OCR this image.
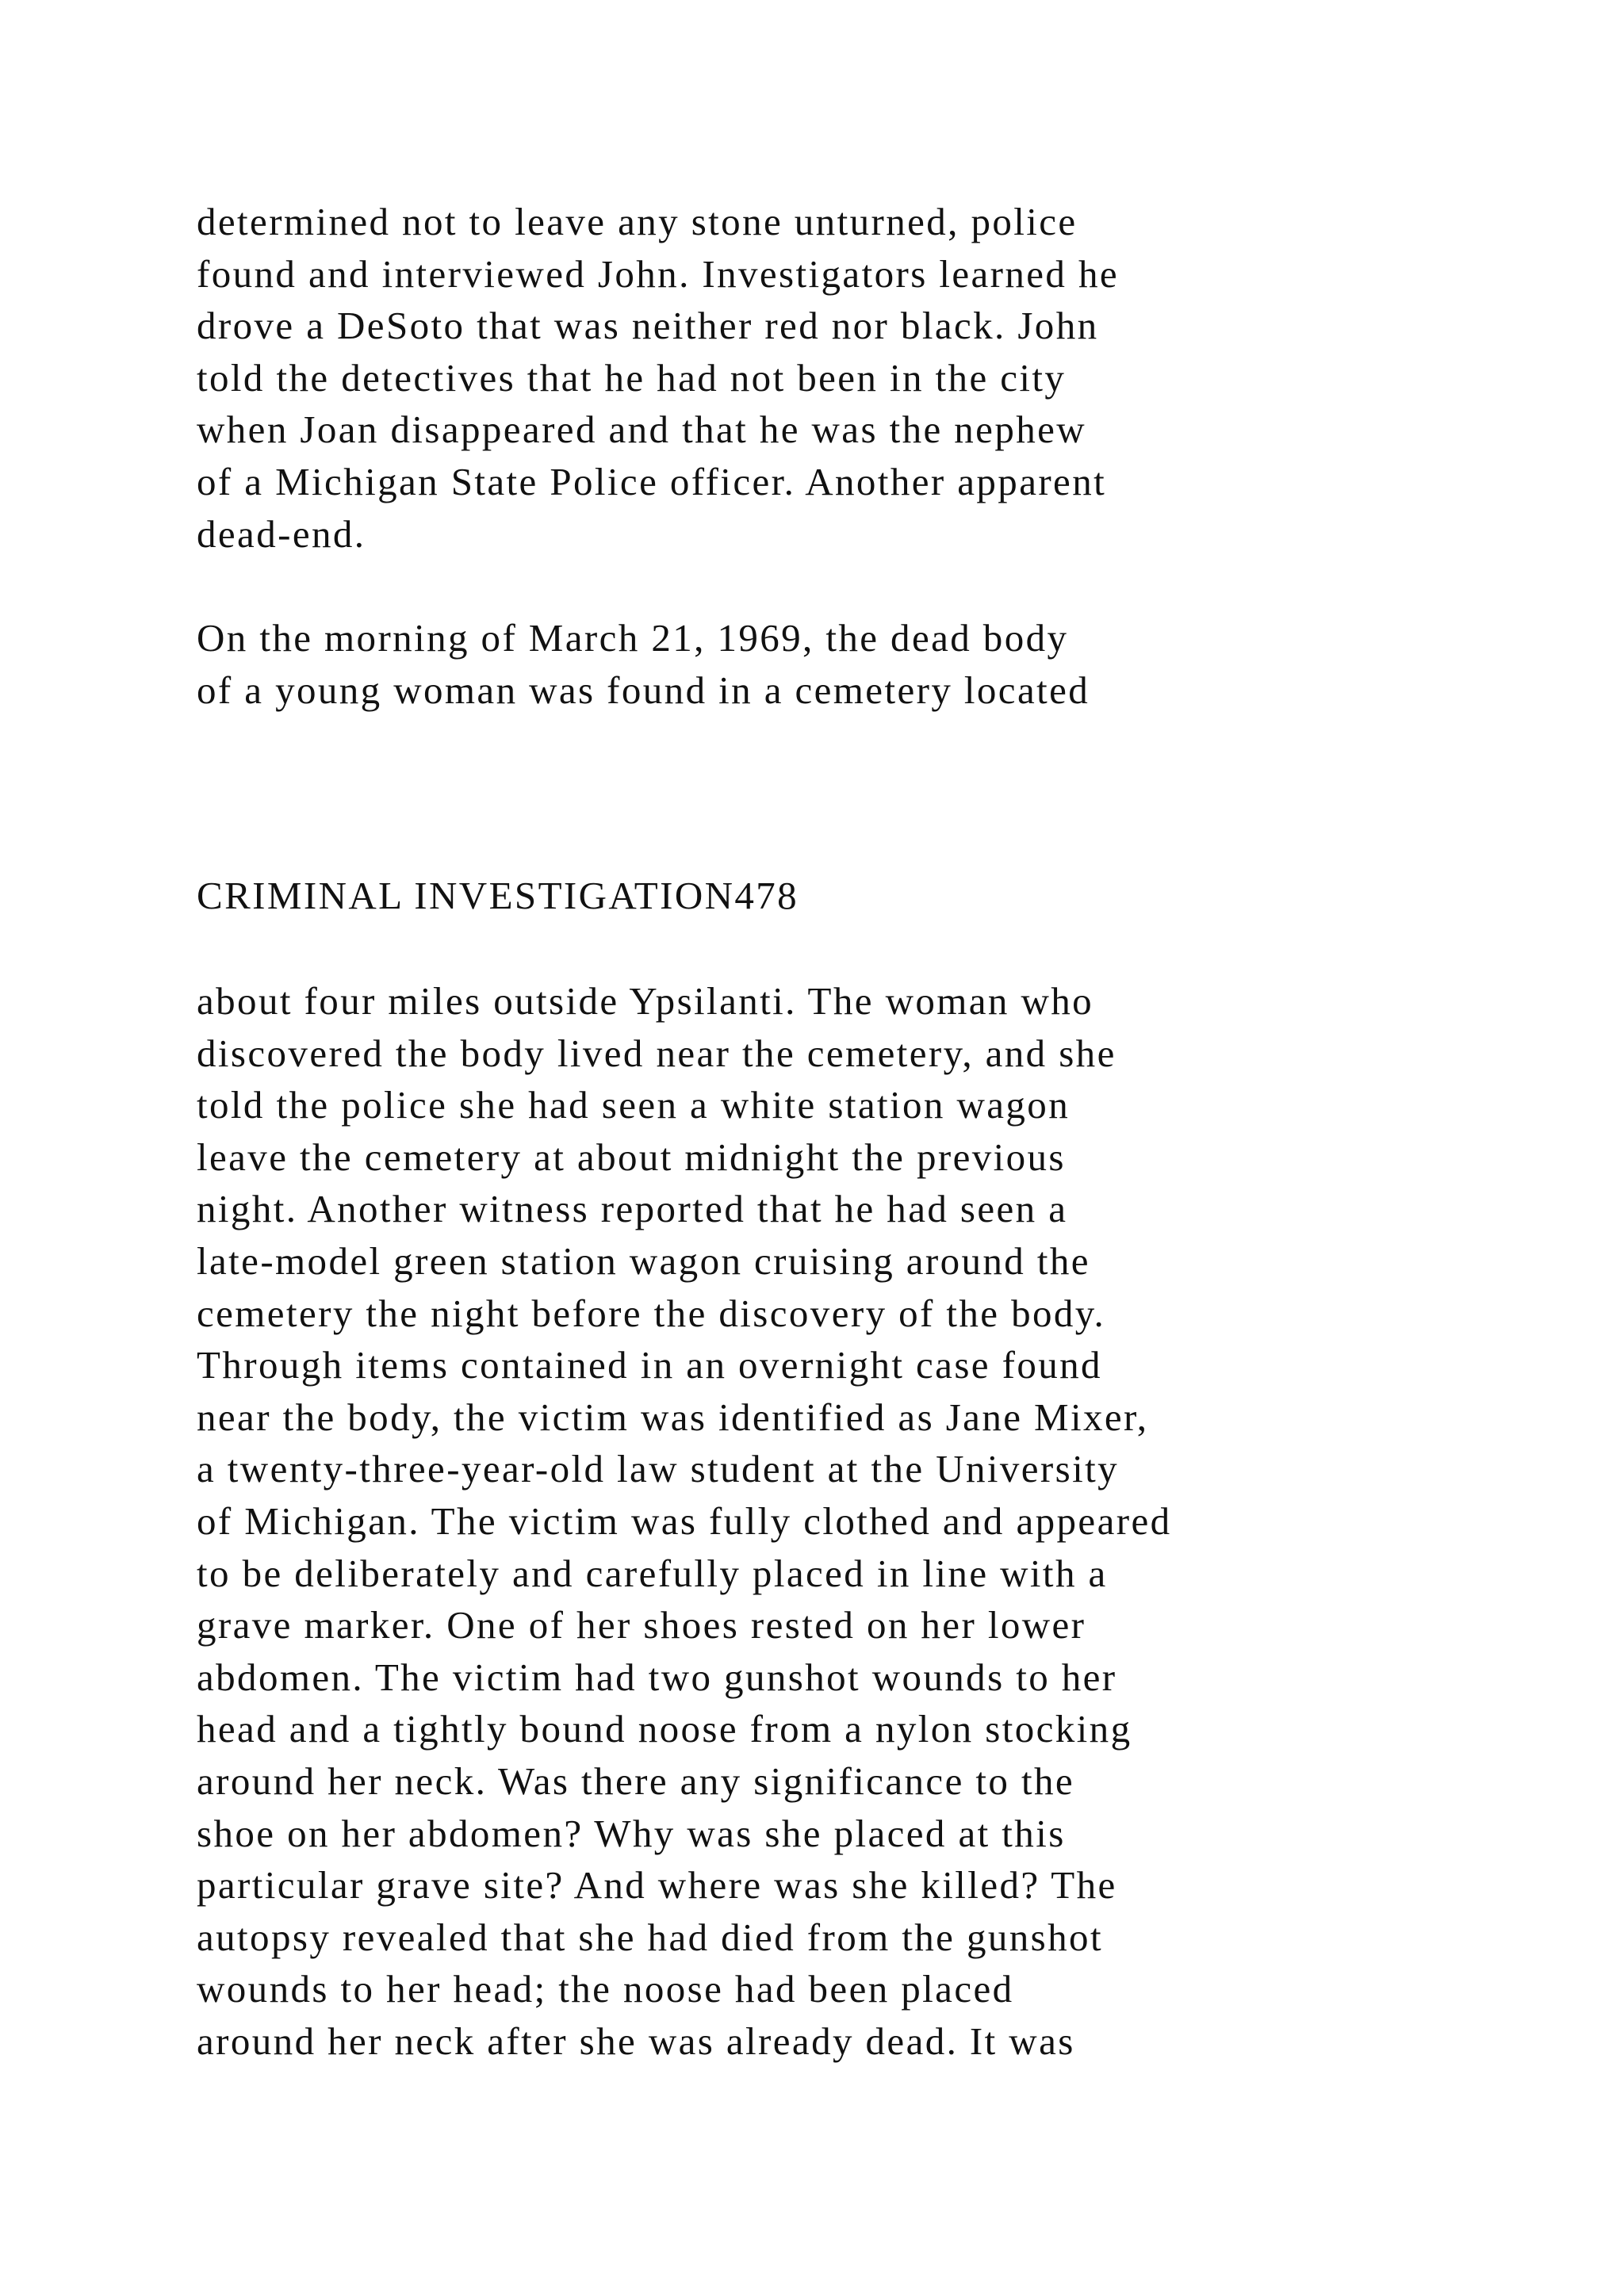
determined not to leave any stone unturned, police
found and interviewed John. Investigators learned he
drove a DeSoto that was neither red nor black. John
told the detectives that he had not been in the city
when Joan disappeared and that he was the nephew
of a Michigan State Police officer. Another apparent
dead-end.

On the morning of March 21, 1969, the dead body
of a young woman was found in a cemetery located

CRIMINAL INVESTIGATION478

about four miles outside Ypsilanti. The woman who
discovered the body lived near the cemetery, and she
told the police she had seen a white station wagon
leave the cemetery at about midnight the previous
night. Another witness reported that he had seen a
late-model green station wagon cruising around the
cemetery the night before the discovery of the body.
Through items contained in an overnight case found
near the body, the victim was identified as Jane Mixer,
a twenty-three-year-old law student at the University
of Michigan. The victim was fully clothed and appeared
to be deliberately and carefully placed in line with a
grave marker. One of her shoes rested on her lower
abdomen. The victim had two gunshot wounds to her
head and a tightly bound noose from a nylon stocking
around her neck. Was there any significance to the
shoe on her abdomen? Why was she placed at this
particular grave site? And where was she killed? The
autopsy revealed that she had died from the gunshot
wounds to her head; the noose had been placed
around her neck after she was already dead. It was
